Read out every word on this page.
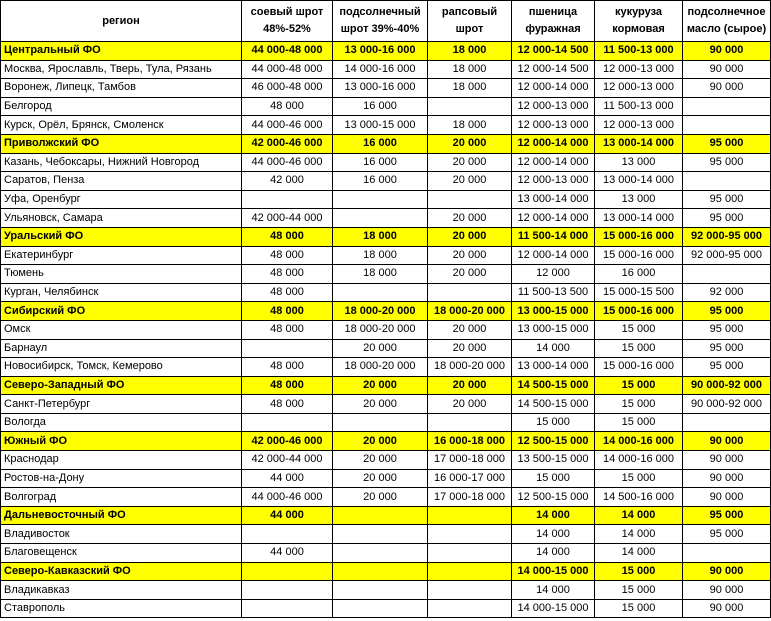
регион	соевый шрот 48%-52%	подсолнечный шрот 39%-40%	рапсовый шрот	пшеница фуражная	кукуруза кормовая	подсолнечное масло (сырое)
Центральный ФО	44 000-48 000	13 000-16 000	18 000	12 000-14 500	11 500-13 000	90 000
Москва, Ярославль, Тверь, Тула, Рязань	44 000-48 000	14 000-16 000	18 000	12 000-14 500	12 000-13 000	90 000
Воронеж, Липецк, Тамбов	46 000-48 000	13 000-16 000	18 000	12 000-14 000	12 000-13 000	90 000
Белгород	48 000	16 000		12 000-13 000	11 500-13 000	
Курск, Орёл, Брянск, Смоленск	44 000-46 000	13 000-15 000	18 000	12 000-13 000	12 000-13 000	
Приволжский ФО	42 000-46 000	16 000	20 000	12 000-14 000	13 000-14 000	95 000
Казань, Чебоксары, Нижний Новгород	44 000-46 000	16 000	20 000	12 000-14 000	13 000	95 000
Саратов, Пенза	42 000	16 000	20 000	12 000-13 000	13 000-14 000	
Уфа, Оренбург				13 000-14 000	13 000	95 000
Ульяновск, Самара	42 000-44 000		20 000	12 000-14 000	13 000-14 000	95 000
Уральский ФО	48 000	18 000	20 000	11 500-14 000	15 000-16 000	92 000-95 000
Екатеринбург	48 000	18 000	20 000	12 000-14 000	15 000-16 000	92 000-95 000
Тюмень	48 000	18 000	20 000	12 000	16 000	
Курган, Челябинск	48 000			11 500-13 500	15 000-15 500	92 000
Сибирский ФО	48 000	18 000-20 000	18 000-20 000	13 000-15 000	15 000-16 000	95 000
Омск	48 000	18 000-20 000	20 000	13 000-15 000	15 000	95 000
Барнаул		20 000	20 000	14 000	15 000	95 000
Новосибирск, Томск, Кемерово	48 000	18 000-20 000	18 000-20 000	13 000-14 000	15 000-16 000	95 000
Северо-Западный ФО	48 000	20 000	20 000	14 500-15 000	15 000	90 000-92 000
Санкт-Петербург	48 000	20 000	20 000	14 500-15 000	15 000	90 000-92 000
Вологда				15 000	15 000	
Южный ФО	42 000-46 000	20 000	16 000-18 000	12 500-15 000	14 000-16 000	90 000
Краснодар	42 000-44 000	20 000	17 000-18 000	13 500-15 000	14 000-16 000	90 000
Ростов-на-Дону	44 000	20 000	16 000-17 000	15 000	15 000	90 000
Волгоград	44 000-46 000	20 000	17 000-18 000	12 500-15 000	14 500-16 000	90 000
Дальневосточный ФО	44 000			14 000	14 000	95 000
Владивосток				14 000	14 000	95 000
Благовещенск	44 000			14 000	14 000	
Северо-Кавказский ФО				14 000-15 000	15 000	90 000
Владикавказ				14 000	15 000	90 000
Ставрополь				14 000-15 000	15 000	90 000
